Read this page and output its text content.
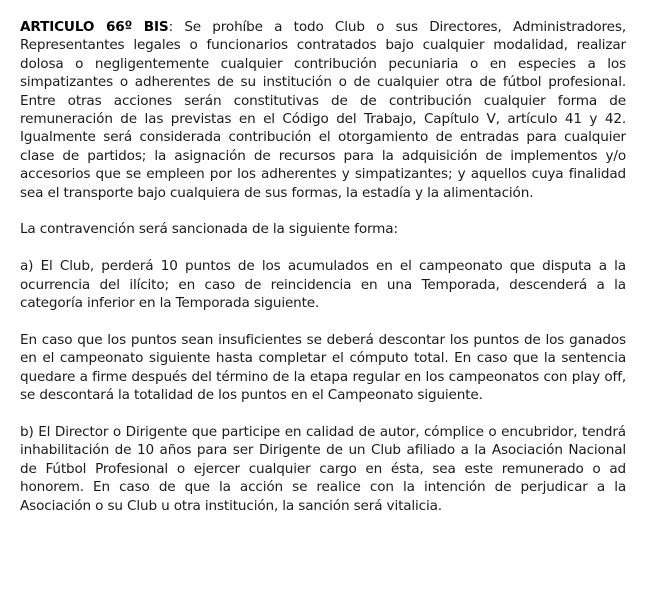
ARTICULO 66º BIS: Se prohíbe a todo Club o sus Directores, Administradores, Representantes legales o funcionarios contratados bajo cualquier modalidad, realizar dolosa o negligentemente cualquier contribución pecuniaria o en especies a los simpatizantes o adherentes de su institución o de cualquier otra de fútbol profesional. Entre otras acciones serán constitutivas de de contribución cualquier forma de remuneración de las previstas en el Código del Trabajo, Capítulo V, artículo 41 y 42. Igualmente será considerada contribución el otorgamiento de entradas para cualquier clase de partidos; la asignación de recursos para la adquisición de implementos y/o accesorios que se empleen por los adherentes y simpatizantes; y aquellos cuya finalidad sea el transporte bajo cualquiera de sus formas, la estadía y la alimentación.

La contravención será sancionada de la siguiente forma:

a) El Club, perderá 10 puntos de los acumulados en el campeonato que disputa a la ocurrencia del ilícito; en caso de reincidencia en una Temporada, descenderá a la categoría inferior en la Temporada siguiente.

En caso que los puntos sean insuficientes se deberá descontar los puntos de los ganados en el campeonato siguiente hasta completar el cómputo total. En caso que la sentencia quedare a firme después del término de la etapa regular en los campeonatos con play off, se descontará la totalidad de los puntos en el Campeonato siguiente.

b) El Director o Dirigente que participe en calidad de autor, cómplice o encubridor, tendrá inhabilitación de 10 años para ser Dirigente de un Club afiliado a la Asociación Nacional de Fútbol Profesional o ejercer cualquier cargo en ésta, sea este remunerado o ad honorem. En caso de que la acción se realice con la intención de perjudicar a la Asociación o su Club u otra institución, la sanción será vitalicia.
